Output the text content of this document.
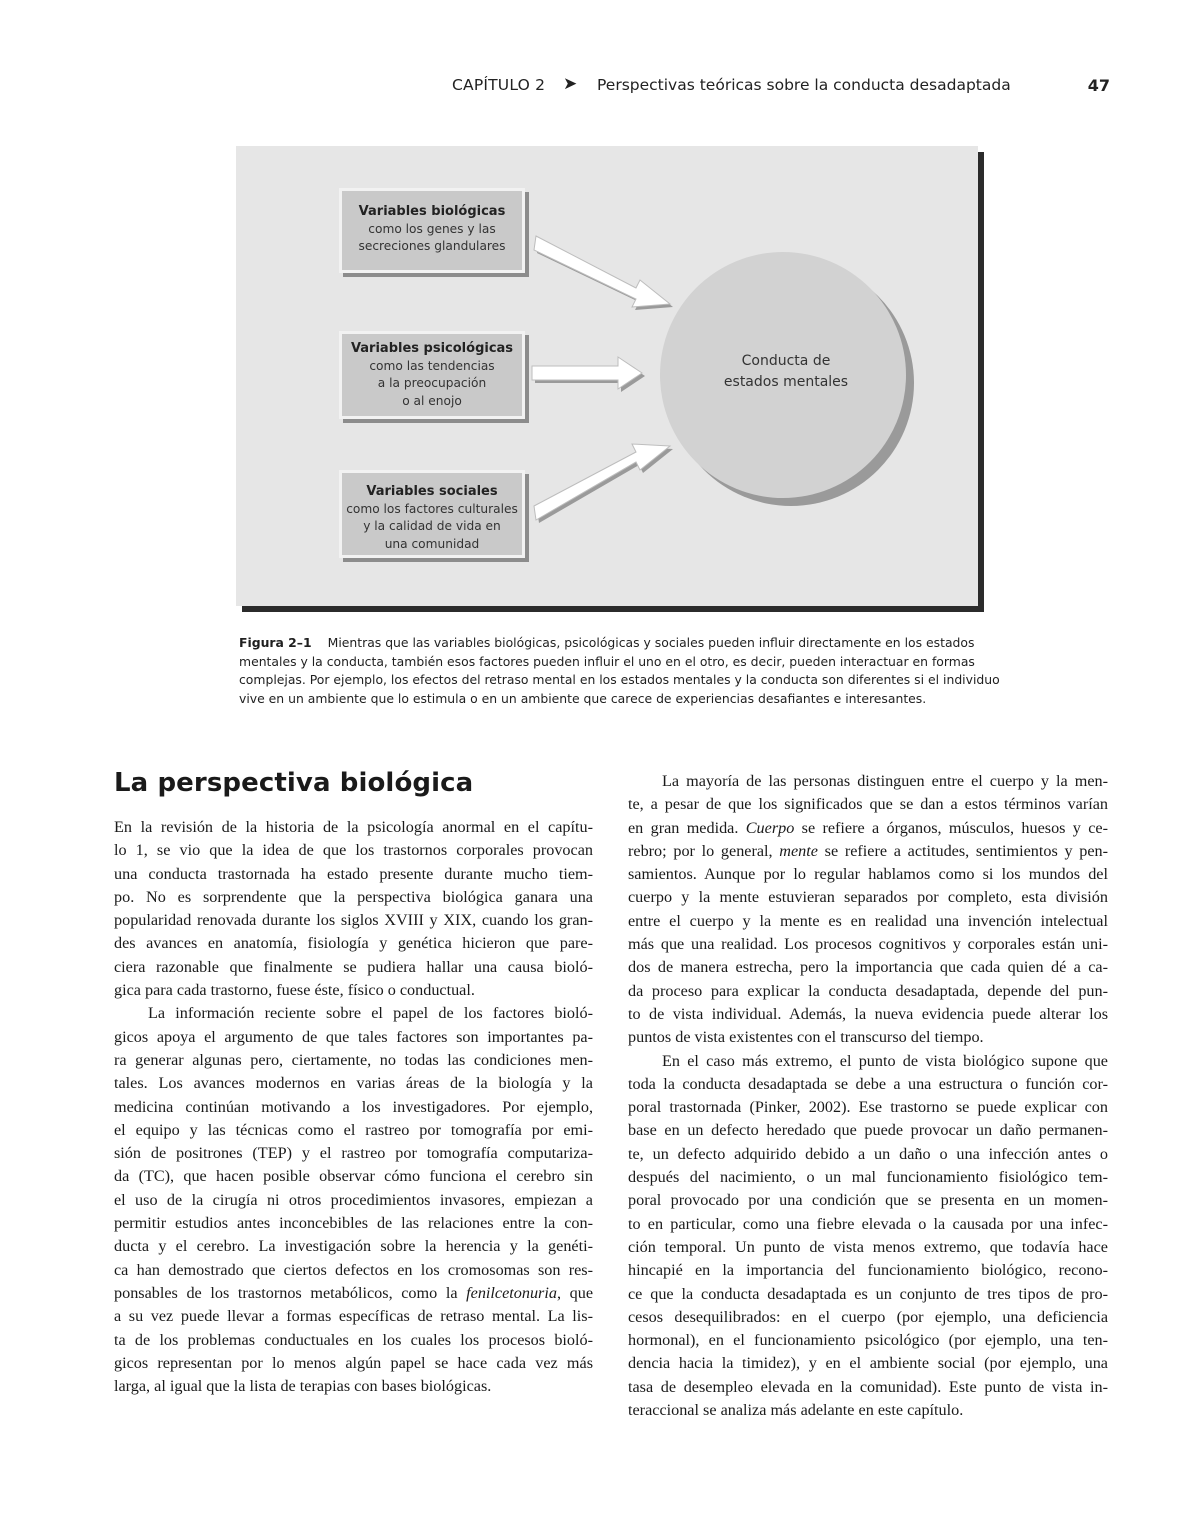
CAPÍTULO 2 ➤ Perspectivas teóricas sobre la conducta desadaptada	47
Variables biológicas
como los genes y las
secreciones glandulares
Variables psicológicas
como las tendencias
a la preocupación
o al enojo
Variables sociales
como los factores culturales
y la calidad de vida en
una comunidad
Conducta de
estados mentales
Figura 2–1 Mientras que las variables biológicas, psicológicas y sociales pueden influir directamente en los estados
mentales y la conducta, también esos factores pueden influir el uno en el otro, es decir, pueden interactuar en formas
complejas. Por ejemplo, los efectos del retraso mental en los estados mentales y la conducta son diferentes si el individuo
vive en un ambiente que lo estimula o en un ambiente que carece de experiencias desafiantes e interesantes.
La perspectiva biológica
En la revisión de la historia de la psicología anormal en el capítu-
lo 1, se vio que la idea de que los trastornos corporales provocan
una conducta trastornada ha estado presente durante mucho tiem-
po. No es sorprendente que la perspectiva biológica ganara una
popularidad renovada durante los siglos XVIII y XIX, cuando los gran-
des avances en anatomía, fisiología y genética hicieron que pare-
ciera razonable que finalmente se pudiera hallar una causa bioló-
gica para cada trastorno, fuese éste, físico o conductual.
La información reciente sobre el papel de los factores bioló-
gicos apoya el argumento de que tales factores son importantes pa-
ra generar algunas pero, ciertamente, no todas las condiciones men-
tales. Los avances modernos en varias áreas de la biología y la
medicina continúan motivando a los investigadores. Por ejemplo,
el equipo y las técnicas como el rastreo por tomografía por emi-
sión de positrones (TEP) y el rastreo por tomografía computariza-
da (TC), que hacen posible observar cómo funciona el cerebro sin
el uso de la cirugía ni otros procedimientos invasores, empiezan a
permitir estudios antes inconcebibles de las relaciones entre la con-
ducta y el cerebro. La investigación sobre la herencia y la genéti-
ca han demostrado que ciertos defectos en los cromosomas son res-
ponsables de los trastornos metabólicos, como la fenilcetonuria, que
a su vez puede llevar a formas específicas de retraso mental. La lis-
ta de los problemas conductuales en los cuales los procesos bioló-
gicos representan por lo menos algún papel se hace cada vez más
larga, al igual que la lista de terapias con bases biológicas.
La mayoría de las personas distinguen entre el cuerpo y la men-
te, a pesar de que los significados que se dan a estos términos varían
en gran medida. Cuerpo se refiere a órganos, músculos, huesos y ce-
rebro; por lo general, mente se refiere a actitudes, sentimientos y pen-
samientos. Aunque por lo regular hablamos como si los mundos del
cuerpo y la mente estuvieran separados por completo, esta división
entre el cuerpo y la mente es en realidad una invención intelectual
más que una realidad. Los procesos cognitivos y corporales están uni-
dos de manera estrecha, pero la importancia que cada quien dé a ca-
da proceso para explicar la conducta desadaptada, depende del pun-
to de vista individual. Además, la nueva evidencia puede alterar los
puntos de vista existentes con el transcurso del tiempo.
En el caso más extremo, el punto de vista biológico supone que
toda la conducta desadaptada se debe a una estructura o función cor-
poral trastornada (Pinker, 2002). Ese trastorno se puede explicar con
base en un defecto heredado que puede provocar un daño permanen-
te, un defecto adquirido debido a un daño o una infección antes o
después del nacimiento, o un mal funcionamiento fisiológico tem-
poral provocado por una condición que se presenta en un momen-
to en particular, como una fiebre elevada o la causada por una infec-
ción temporal. Un punto de vista menos extremo, que todavía hace
hincapié en la importancia del funcionamiento biológico, recono-
ce que la conducta desadaptada es un conjunto de tres tipos de pro-
cesos desequilibrados: en el cuerpo (por ejemplo, una deficiencia
hormonal), en el funcionamiento psicológico (por ejemplo, una ten-
dencia hacia la timidez), y en el ambiente social (por ejemplo, una
tasa de desempleo elevada en la comunidad). Este punto de vista in-
teraccional se analiza más adelante en este capítulo.
